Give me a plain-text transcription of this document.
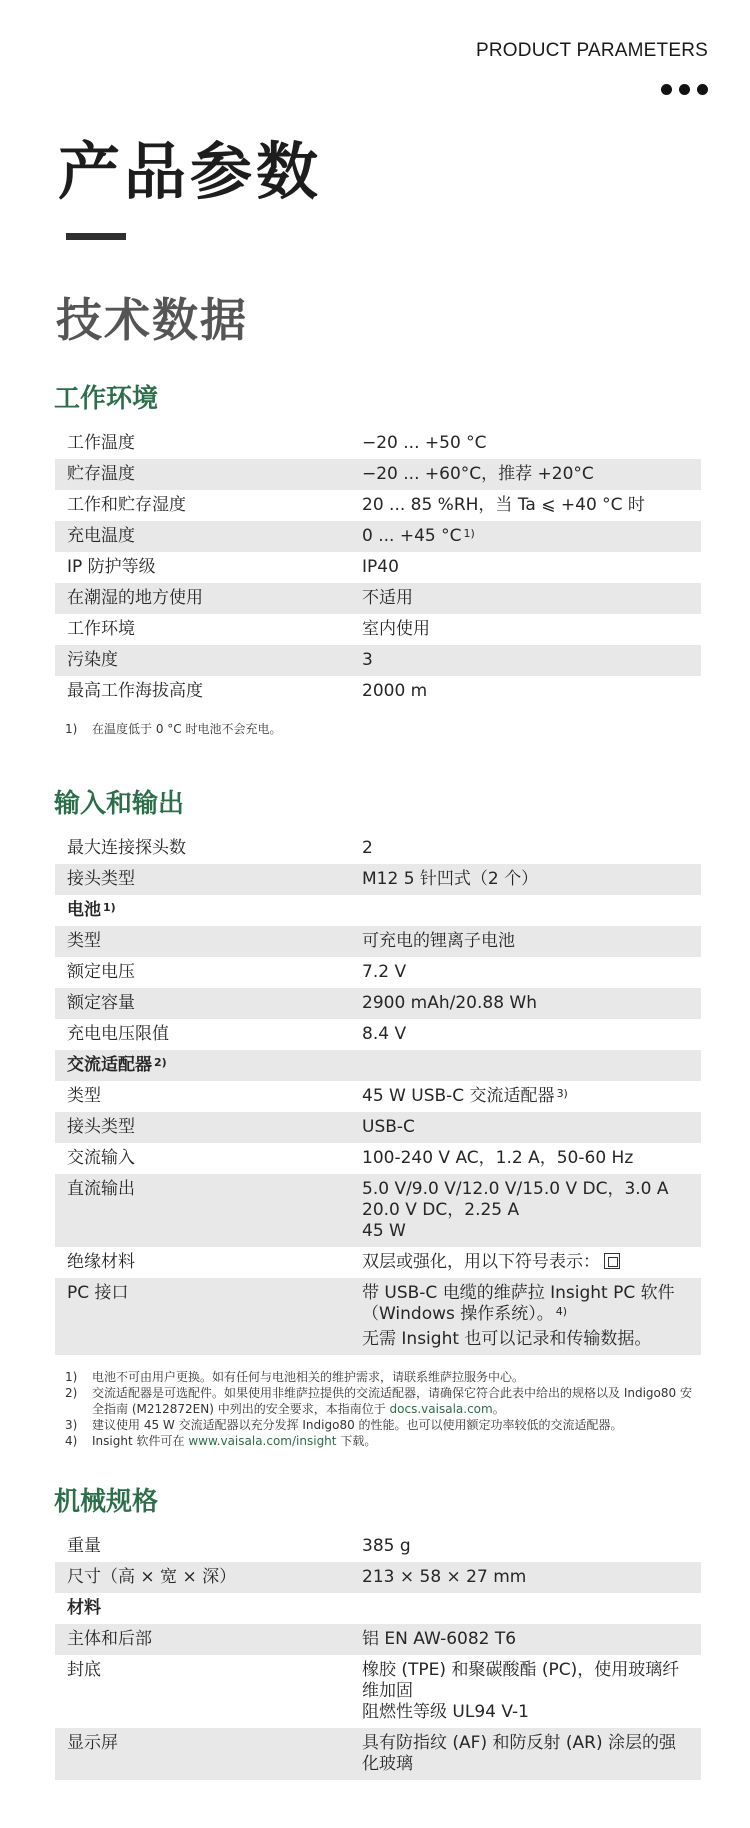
PRODUCT PARAMETERS
产品参数
技术数据
工作环境
工作温度	−20 ... +50 °C
贮存温度	−20 ... +60°C，推荐 +20°C
工作和贮存湿度	20 ... 85 %RH，当 Ta ⩽ +40 °C 时
充电温度	0 ... +45 °C $^{1)}$
IP 防护等级	IP40
在潮湿的地方使用	不适用
工作环境	室内使用
污染度	3
最高工作海拔高度	2000 m
1)	在温度低于 0 °C 时电池不会充电。
输入和输出
最大连接探头数	2
接头类型	M12 5 针凹式（2 个）
电池 $^{1)}$	
类型	可充电的锂离子电池
额定电压	7.2 V
额定容量	2900 mAh/20.88 Wh
充电电压限值	8.4 V
交流适配器 $^{2)}$	
类型	45 W USB-C 交流适配器 $^{3)}$
接头类型	USB-C
交流输入	100-240 V AC，1.2 A，50-60 Hz
直流输出	5.0 V/9.0 V/12.0 V/15.0 V DC，3.0 A
20.0 V DC，2.25 A
45 W

绝缘材料	双层或强化，用以下符号表示：
PC 接口	带 USB-C 电缆的维萨拉 Insight PC 软件（Windows 操作系统）。 $^{4)}$
无需 Insight 也可以记录和传输数据。
1)	电池不可由用户更换。如有任何与电池相关的维护需求，请联系维萨拉服务中心。
2)	交流适配器是可选配件。如果使用非维萨拉提供的交流适配器，请确保它符合此表中给出的规格以及 Indigo80 安全指南 (M212872EN) 中列出的安全要求，本指南位于 docs.vaisala.com。
3)	建议使用 45 W 交流适配器以充分发挥 Indigo80 的性能。也可以使用额定功率较低的交流适配器。
4)	Insight 软件可在 www.vaisala.com/insight 下载。
机械规格
重量	385 g
尺寸（高 × 宽 × 深）	213 × 58 × 27 mm
材料	
主体和后部	铝 EN AW-6082 T6
封底	橡胶 (TPE) 和聚碳酸酯 (PC)，使用玻璃纤维加固
阻燃性等级 UL94 V-1

显示屏	具有防指纹 (AF) 和防反射 (AR) 涂层的强化玻璃
